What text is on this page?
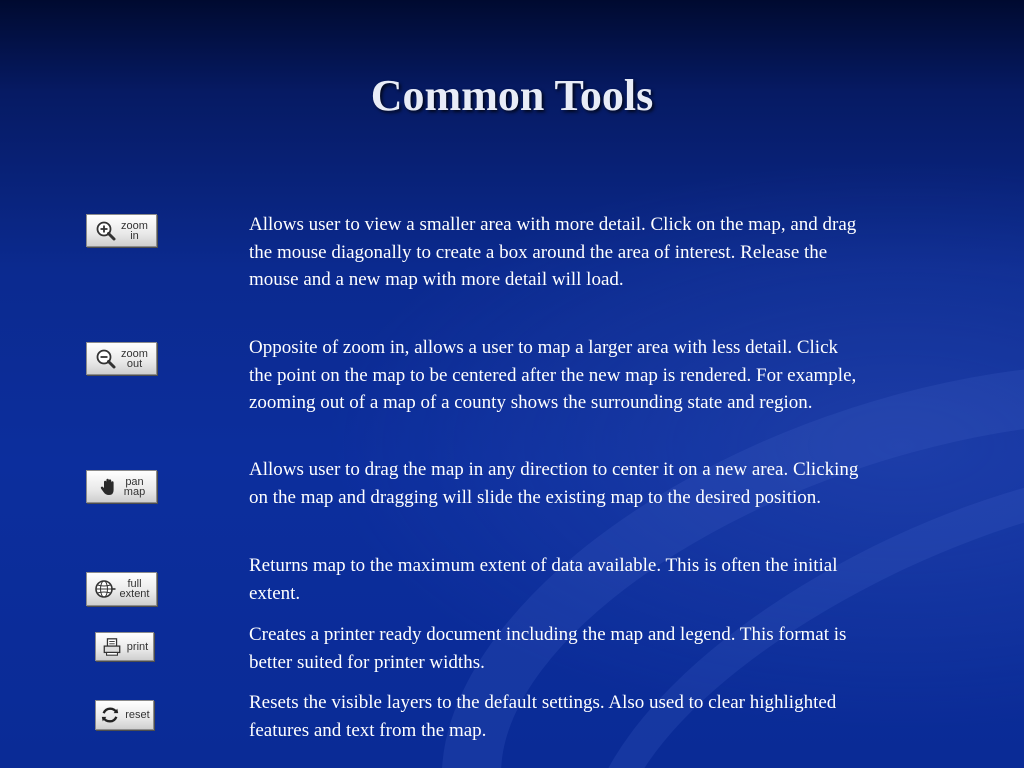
Common Tools
zoom
in

Allows user to view a smaller area with more detail. Click on the map, and drag the mouse diagonally to create a box around the area of interest. Release the mouse and a new map with more detail will load.

zoom
out

Opposite of zoom in, allows a user to map a larger area with less detail. Click the point on the map to be centered after the new map is rendered. For example, zooming out of a map of a county shows the surrounding state and region.

pan
map

Allows user to drag the map in any direction to center it on a new area. Clicking on the map and dragging will slide the existing map to the desired position.

full
extent

Returns map to the maximum extent of data available. This is often the initial extent.

print

Creates a printer ready document including the map and legend. This format is better suited for printer widths.

reset

Resets the visible layers to the default settings. Also used to clear highlighted features and text from the map.
